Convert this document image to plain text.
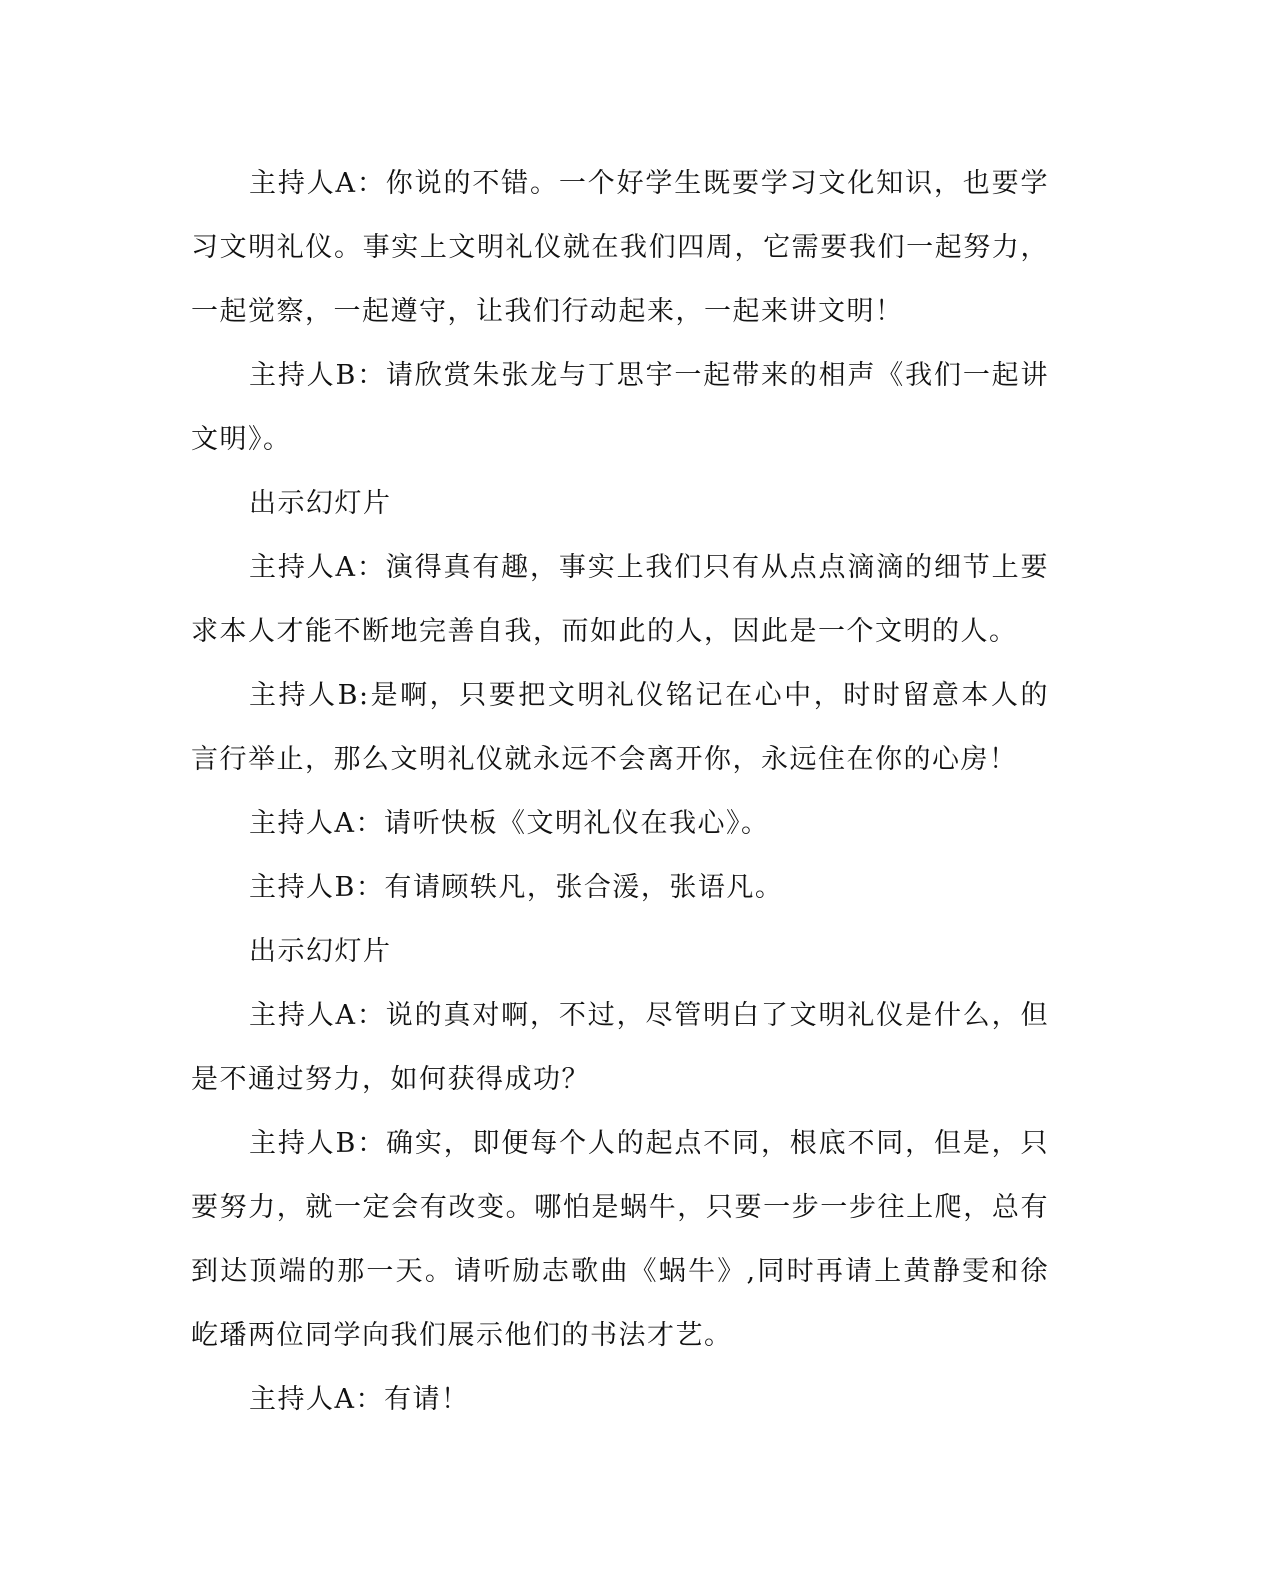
主持人A：你说的不错。一个好学生既要学习文化知识，也要学习文明礼仪。事实上文明礼仪就在我们四周，它需要我们一起努力，一起觉察，一起遵守，让我们行动起来，一起来讲文明！

主持人B：请欣赏朱张龙与丁思宇一起带来的相声《我们一起讲文明》。

出示幻灯片

主持人A：演得真有趣，事实上我们只有从点点滴滴的细节上要求本人才能不断地完善自我，而如此的人，因此是一个文明的人。

主持人B:是啊，只要把文明礼仪铭记在心中，时时留意本人的言行举止，那么文明礼仪就永远不会离开你，永远住在你的心房！

主持人A：请听快板《文明礼仪在我心》。

主持人B：有请顾轶凡，张合湲，张语凡。

出示幻灯片

主持人A：说的真对啊，不过，尽管明白了文明礼仪是什么，但是不通过努力，如何获得成功？

主持人B：确实，即便每个人的起点不同，根底不同，但是，只要努力，就一定会有改变。哪怕是蜗牛，只要一步一步往上爬，总有到达顶端的那一天。请听励志歌曲《蜗牛》,同时再请上黄静雯和徐屹璠两位同学向我们展示他们的书法才艺。

主持人A：有请！
